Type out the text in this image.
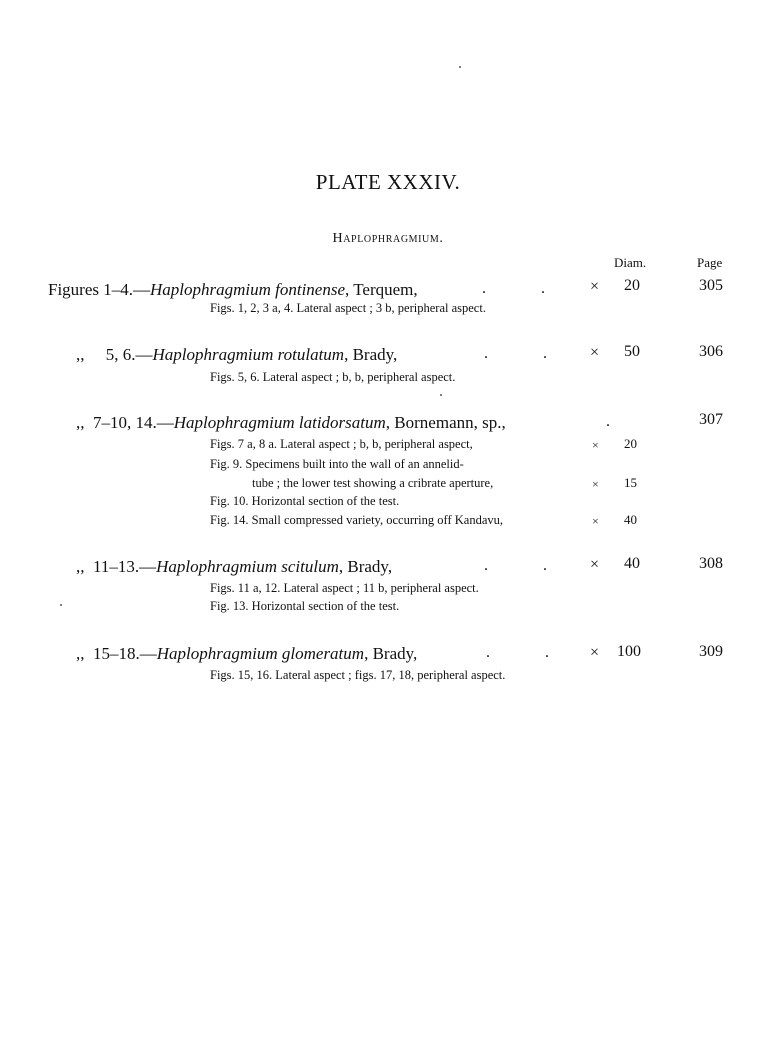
PLATE XXXIV.
Haplophragmium.
Diam.	Page
Figures 1–4.—Haplophragmium fontinense, Terquem,	.	.	× 20	305
Figs. 1, 2, 3 a, 4. Lateral aspect ; 3 b, peripheral aspect.
,,     5, 6.—Haplophragmium rotulatum, Brady,	.	.	× 50	306
Figs. 5, 6. Lateral aspect ; b, b, peripheral aspect.
,,  7–10, 14.—Haplophragmium latidorsatum, Bornemann, sp.,	.	307
Figs. 7 a, 8 a. Lateral aspect ; b, b, peripheral aspect,	× 20
Fig. 9. Specimens built into the wall of an annelid-
tube ; the lower test showing a cribrate aperture,	× 15
Fig. 10. Horizontal section of the test.
Fig. 14. Small compressed variety, occurring off Kandavu,	× 40
,,  11–13.—Haplophragmium scitulum, Brady,	.	.	× 40	308
Figs. 11 a, 12. Lateral aspect ; 11 b, peripheral aspect.
Fig. 13. Horizontal section of the test.
,,  15–18.—Haplophragmium glomeratum, Brady,	.	.	× 100	309
Figs. 15, 16. Lateral aspect ; figs. 17, 18, peripheral aspect.
